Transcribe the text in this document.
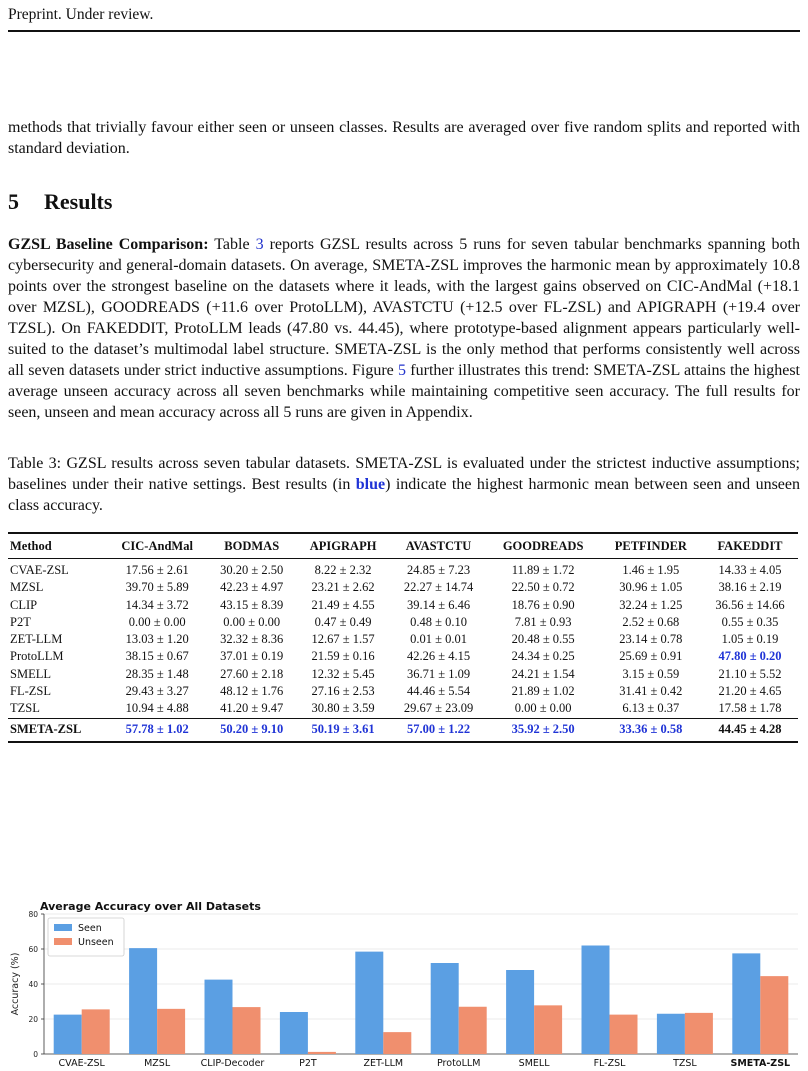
Preprint. Under review.

methods that trivially favour either seen or unseen classes. Results are averaged over five random splits and reported with standard deviation.

5 Results

GZSL Baseline Comparison: Table 3 reports GZSL results across 5 runs for seven tabular benchmarks spanning both cybersecurity and general-domain datasets. On average, SMETA-ZSL improves the harmonic mean by approximately 10.8 points over the strongest baseline on the datasets where it leads, with the largest gains observed on CIC-AndMal (+18.1 over MZSL), GOODREADS (+11.6 over ProtoLLM), AVASTCTU (+12.5 over FL-ZSL) and APIGRAPH (+19.4 over TZSL). On FAKEDDIT, ProtoLLM leads (47.80 vs. 44.45), where prototype-based alignment appears particularly well-suited to the dataset’s multimodal label structure. SMETA-ZSL is the only method that performs consistently well across all seven datasets under strict inductive assumptions. Figure 5 further illustrates this trend: SMETA-ZSL attains the highest average unseen accuracy across all seven benchmarks while maintaining competitive seen accuracy. The full results for seen, unseen and mean accuracy across all 5 runs are given in Appendix.

Table 3: GZSL results across seven tabular datasets. SMETA-ZSL is evaluated under the strictest inductive assumptions; baselines under their native settings. Best results (in blue) indicate the highest harmonic mean between seen and unseen class accuracy.

Method	CIC-AndMal	BODMAS	APIGRAPH	AVASTCTU	GOODREADS	PETFINDER	FAKEDDIT
CVAE-ZSL	17.56 ± 2.61	30.20 ± 2.50	8.22 ± 2.32	24.85 ± 7.23	11.89 ± 1.72	1.46 ± 1.95	14.33 ± 4.05
MZSL	39.70 ± 5.89	42.23 ± 4.97	23.21 ± 2.62	22.27 ± 14.74	22.50 ± 0.72	30.96 ± 1.05	38.16 ± 2.19
CLIP	14.34 ± 3.72	43.15 ± 8.39	21.49 ± 4.55	39.14 ± 6.46	18.76 ± 0.90	32.24 ± 1.25	36.56 ± 14.66
P2T	0.00 ± 0.00	0.00 ± 0.00	0.47 ± 0.49	0.48 ± 0.10	7.81 ± 0.93	2.52 ± 0.68	0.55 ± 0.35
ZET-LLM	13.03 ± 1.20	32.32 ± 8.36	12.67 ± 1.57	0.01 ± 0.01	20.48 ± 0.55	23.14 ± 0.78	1.05 ± 0.19
ProtoLLM	38.15 ± 0.67	37.01 ± 0.19	21.59 ± 0.16	42.26 ± 4.15	24.34 ± 0.25	25.69 ± 0.91	47.80 ± 0.20
SMELL	28.35 ± 1.48	27.60 ± 2.18	12.32 ± 5.45	36.71 ± 1.09	24.21 ± 1.54	3.15 ± 0.59	21.10 ± 5.52
FL-ZSL	29.43 ± 3.27	48.12 ± 1.76	27.16 ± 2.53	44.46 ± 5.54	21.89 ± 1.02	31.41 ± 0.42	21.20 ± 4.65
TZSL	10.94 ± 4.88	41.20 ± 9.47	30.80 ± 3.59	29.67 ± 23.09	0.00 ± 0.00	6.13 ± 0.37	17.58 ± 1.78
SMETA-ZSL	57.78 ± 1.02	50.20 ± 9.10	50.19 ± 3.61	57.00 ± 1.22	35.92 ± 2.50	33.36 ± 0.58	44.45 ± 4.28
Average Accuracy over All Datasets
0
20
40
60
80
Accuracy (%)
CVAE-ZSL	MZSL	CLIP-Decoder	P2T	ZET-LLM	ProtoLLM	SMELL	FL-ZSL	TZSL	SMETA-ZSL
Seen
Unseen
